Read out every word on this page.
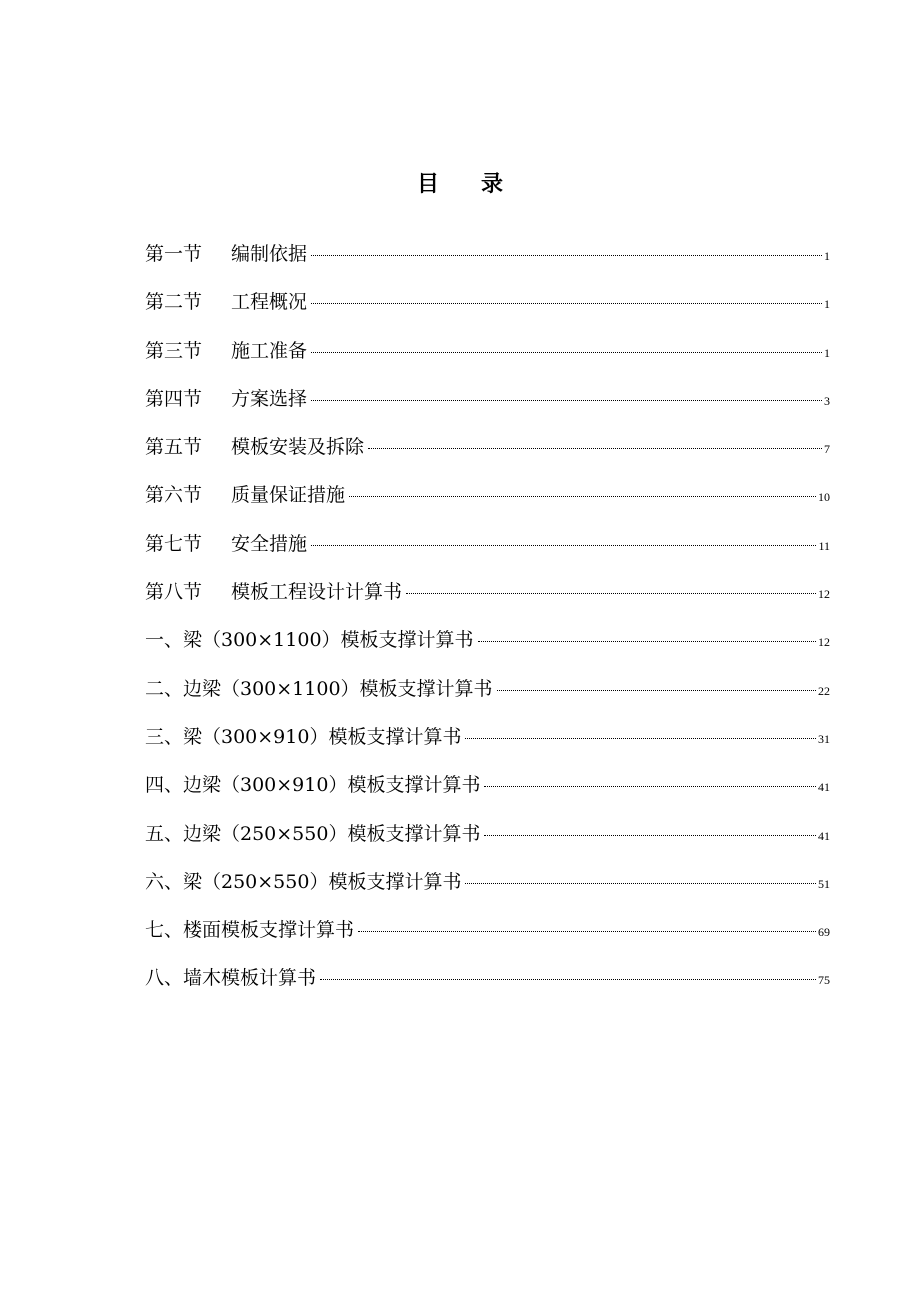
目 录
第一节	编制依据	1
第二节	工程概况	1
第三节	施工准备	1
第四节	方案选择	3
第五节	模板安装及拆除	7
第六节	质量保证措施	10
第七节	安全措施	11
第八节	模板工程设计计算书	12
一、梁（300×1100）模板支撑计算书	12
二、边梁（300×1100）模板支撑计算书	22
三、梁（300×910）模板支撑计算书	31
四、边梁（300×910）模板支撑计算书	41
五、边梁（250×550）模板支撑计算书	41
六、梁（250×550）模板支撑计算书	51
七、楼面模板支撑计算书	69
八、墙木模板计算书	75
